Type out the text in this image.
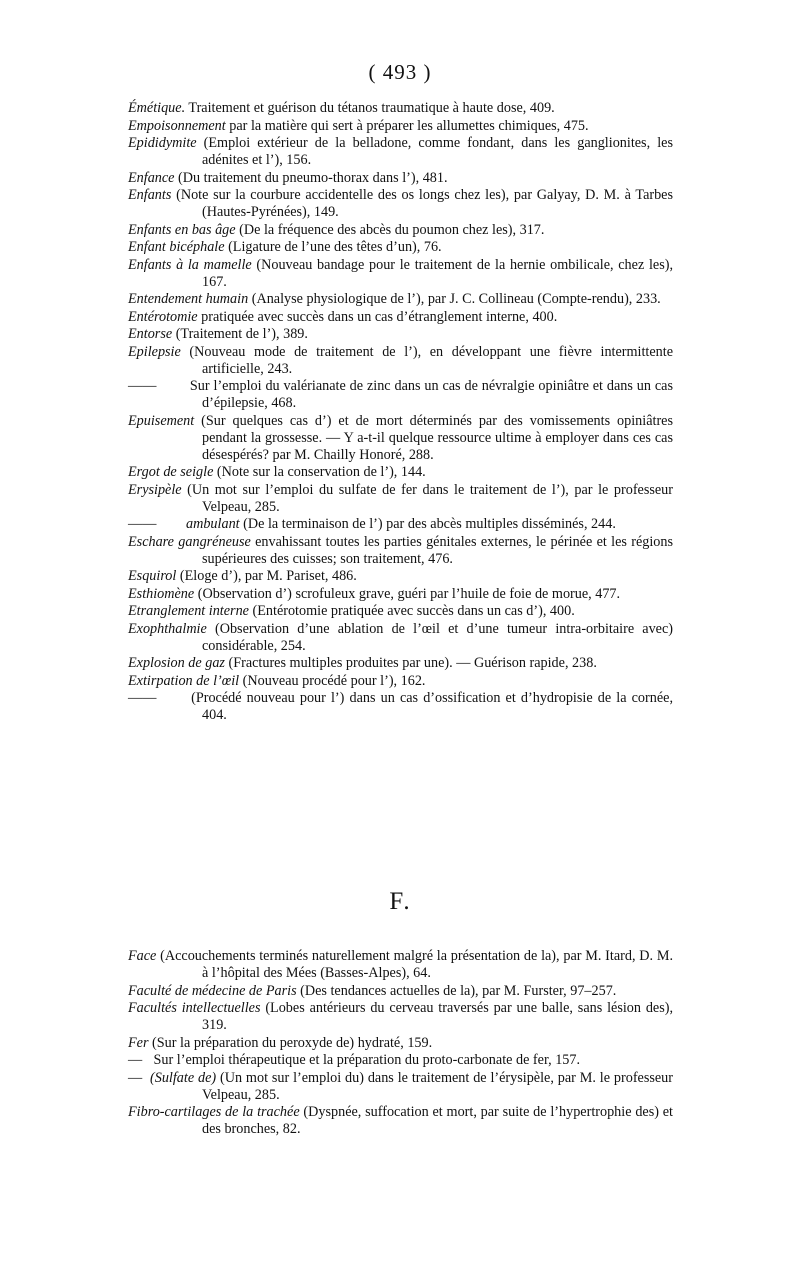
( 493 )

Émétique. Traitement et guérison du tétanos traumatique à haute dose, 409.

Empoisonnement par la matière qui sert à préparer les allumettes chimiques, 475.

Epididymite (Emploi extérieur de la belladone, comme fondant, dans les ganglionites, les adénites et l’), 156.

Enfance (Du traitement du pneumo-thorax dans l’), 481.

Enfants (Note sur la courbure accidentelle des os longs chez les), par Galyay, D. M. à Tarbes (Hautes-Pyrénées), 149.

Enfants en bas âge (De la fréquence des abcès du poumon chez les), 317.

Enfant bicéphale (Ligature de l’une des têtes d’un), 76.

Enfants à la mamelle (Nouveau bandage pour le traitement de la hernie ombilicale, chez les), 167.

Entendement humain (Analyse physiologique de l’), par J. C. Collineau (Compte-rendu), 233.

Entérotomie pratiquée avec succès dans un cas d’étranglement interne, 400.

Entorse (Traitement de l’), 389.

Epilepsie (Nouveau mode de traitement de l’), en développant une fièvre intermittente artificielle, 243.

—— Sur l’emploi du valérianate de zinc dans un cas de névralgie opiniâtre et dans un cas d’épilepsie, 468.

Epuisement (Sur quelques cas d’) et de mort déterminés par des vomissements opiniâtres pendant la grossesse. — Y a-t-il quelque ressource ultime à employer dans ces cas désespérés? par M. Chailly Honoré, 288.

Ergot de seigle (Note sur la conservation de l’), 144.

Erysipèle (Un mot sur l’emploi du sulfate de fer dans le traitement de l’), par le professeur Velpeau, 285.

—— ambulant (De la terminaison de l’) par des abcès multiples disséminés, 244.

Eschare gangréneuse envahissant toutes les parties génitales externes, le périnée et les régions supérieures des cuisses; son traitement, 476.

Esquirol (Eloge d’), par M. Pariset, 486.

Esthiomène (Observation d’) scrofuleux grave, guéri par l’huile de foie de morue, 477.

Etranglement interne (Entérotomie pratiquée avec succès dans un cas d’), 400.

Exophthalmie (Observation d’une ablation de l’œil et d’une tumeur intra-orbitaire avec) considérable, 254.

Explosion de gaz (Fractures multiples produites par une). — Guérison rapide, 238.

Extirpation de l’œil (Nouveau procédé pour l’), 162.

—— (Procédé nouveau pour l’) dans un cas d’ossification et d’hydropisie de la cornée, 404.

F.

Face (Accouchements terminés naturellement malgré la présentation de la), par M. Itard, D. M. à l’hôpital des Mées (Basses-Alpes), 64.

Faculté de médecine de Paris (Des tendances actuelles de la), par M. Furster, 97–257.

Facultés intellectuelles (Lobes antérieurs du cerveau traversés par une balle, sans lésion des), 319.

Fer (Sur la préparation du peroxyde de) hydraté, 159.

— Sur l’emploi thérapeutique et la préparation du proto-carbonate de fer, 157.

— (Sulfate de) (Un mot sur l’emploi du) dans le traitement de l’érysipèle, par M. le professeur Velpeau, 285.

Fibro-cartilages de la trachée (Dyspnée, suffocation et mort, par suite de l’hypertrophie des) et des bronches, 82.
